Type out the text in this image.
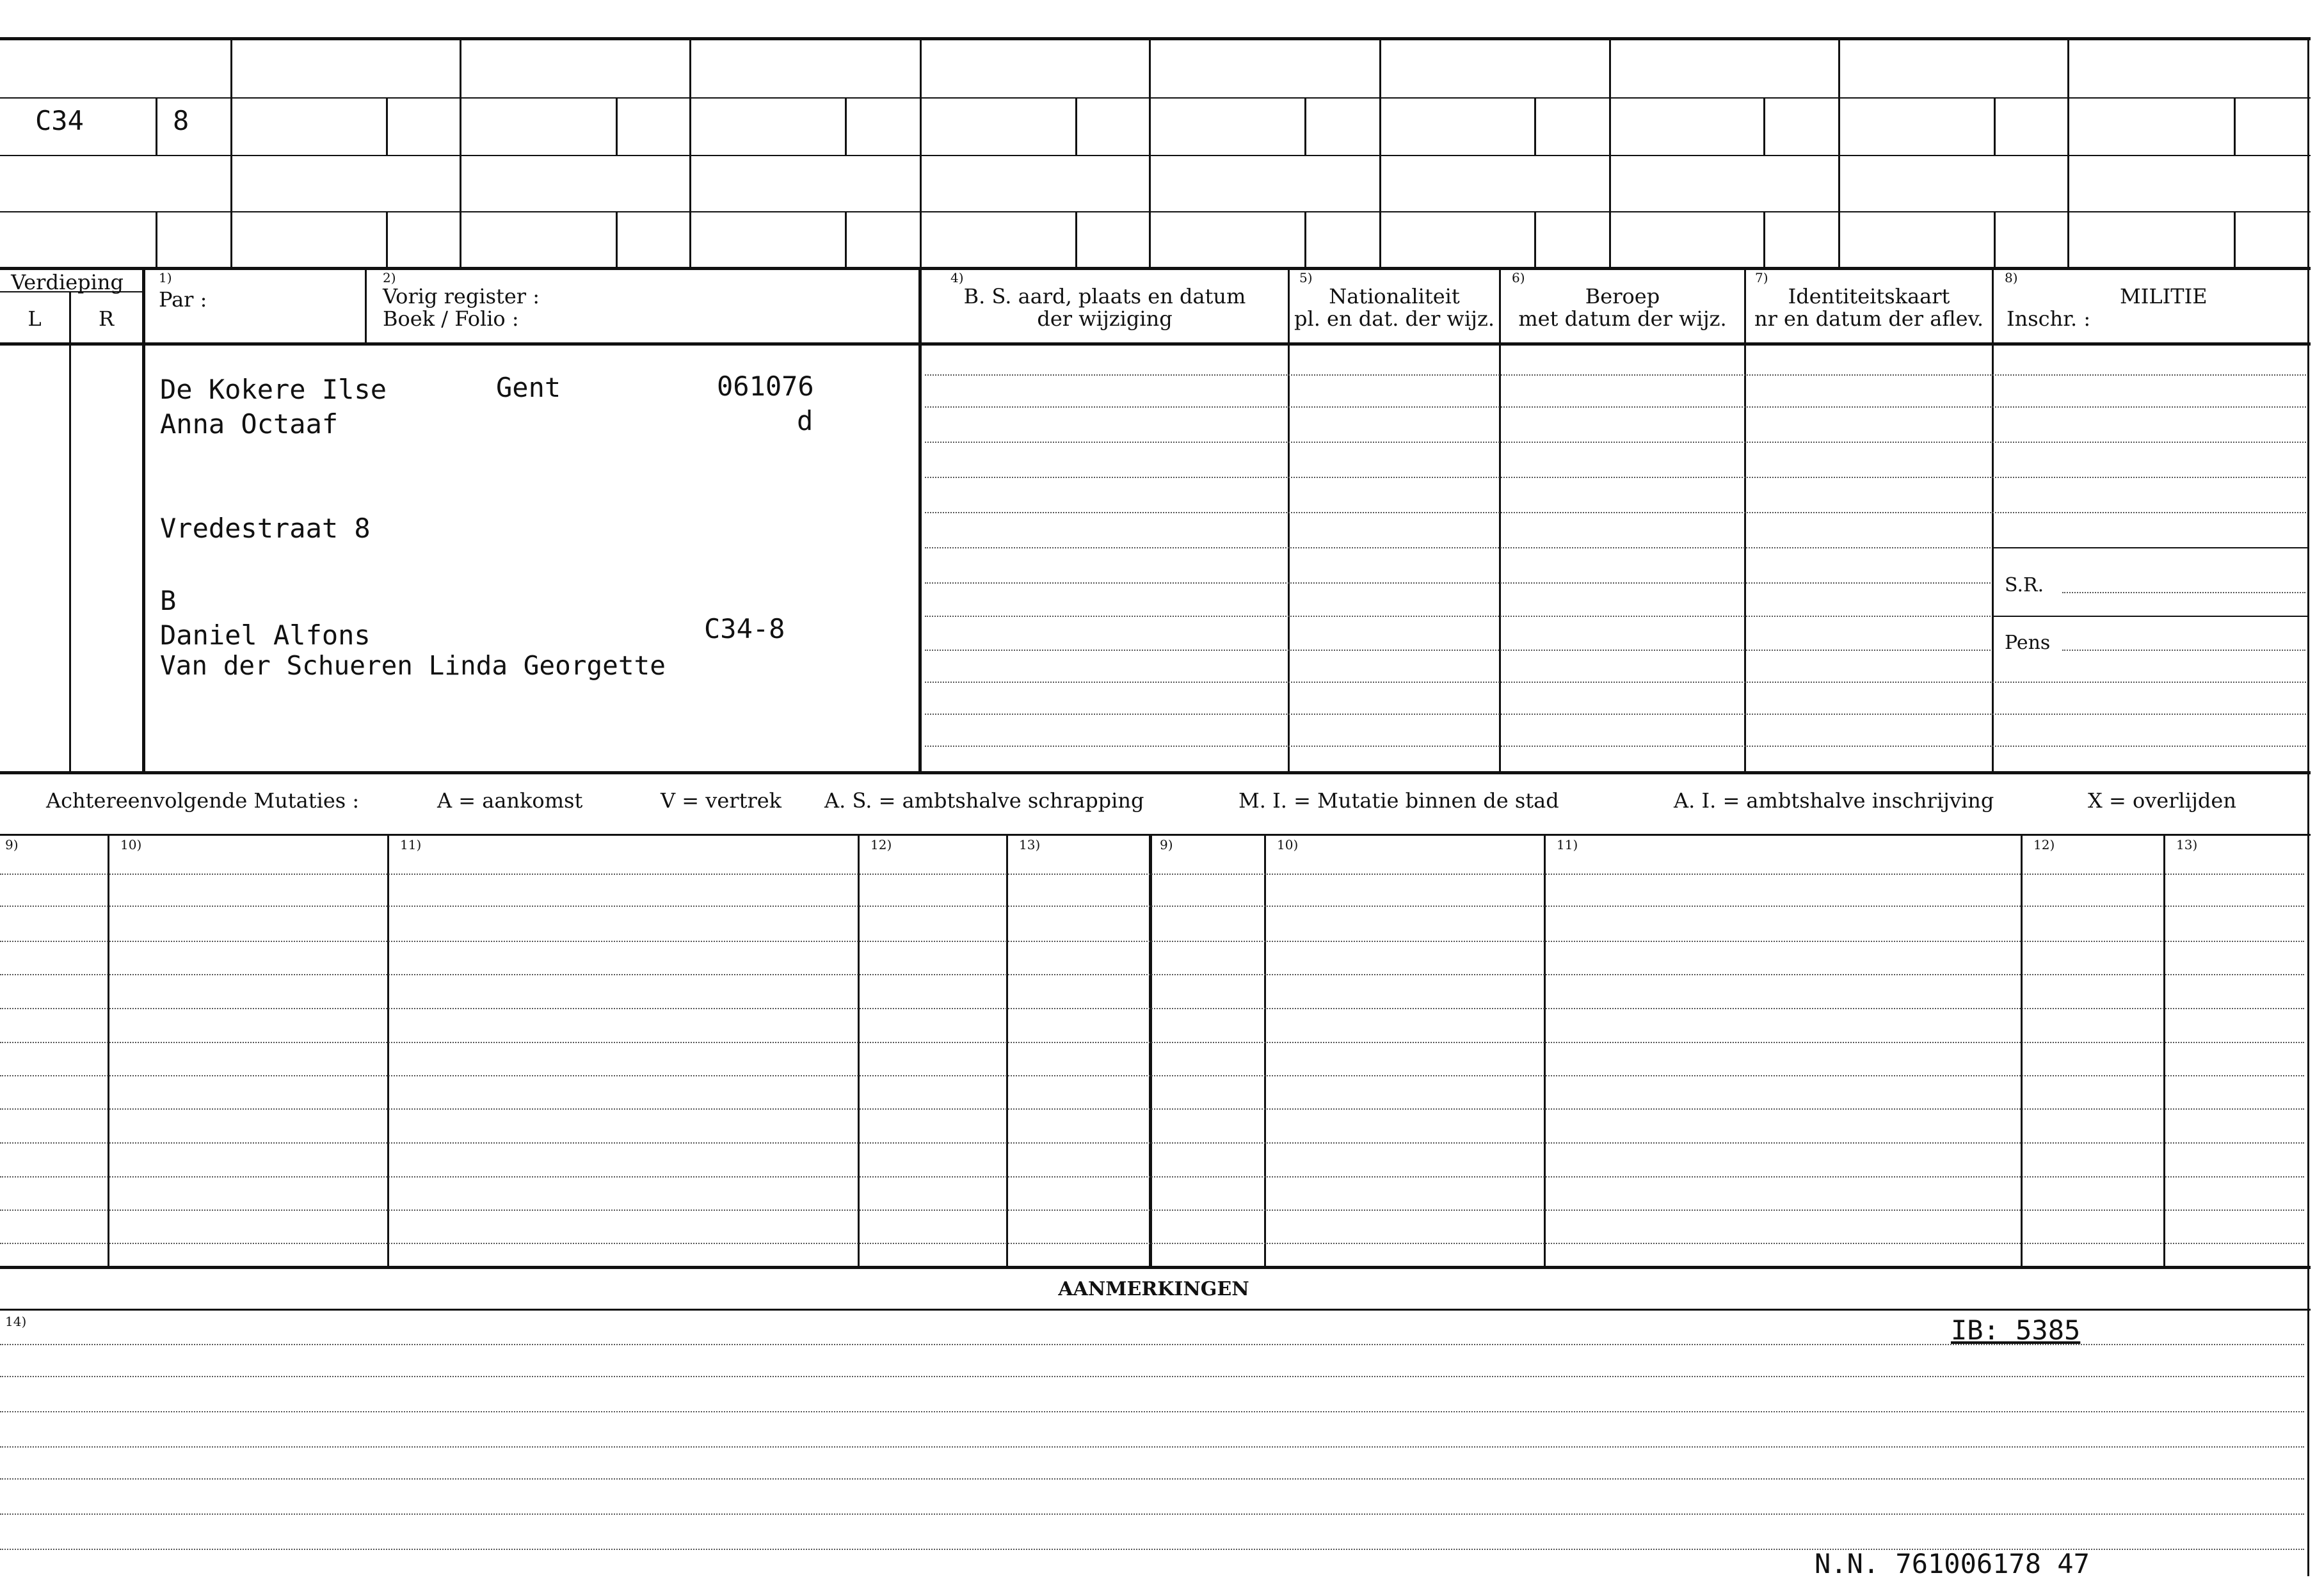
C34	8
Verdieping
L	R
1)
Par :
2)
Vorig register :
Boek / Folio :
4)
B. S. aard, plaats en datum
der wijziging
5)
Nationaliteit
pl. en dat. der wijz.
6)
Beroep
met datum der wijz.
7)
Identiteitskaart
nr en datum der aflev.
8)
MILITIE
Inschr. :
S.R.
Pens
De Kokere Ilse	Gent	061076
Anna Octaaf	d
Vredestraat 8
B
Daniel Alfons	C34-8
Van der Schueren Linda Georgette
Achtereenvolgende Mutaties :	A = aankomst	V = vertrek A. S. = ambtshalve schrapping	M. I. = Mutatie binnen de stad	A. I. = ambtshalve inschrijving	X = overlijden
9)	10)	11)	12)	13)	9)	10)	11)	12)	13)
AANMERKINGEN
14)	IB: 5385
N.N. 761006178 47
